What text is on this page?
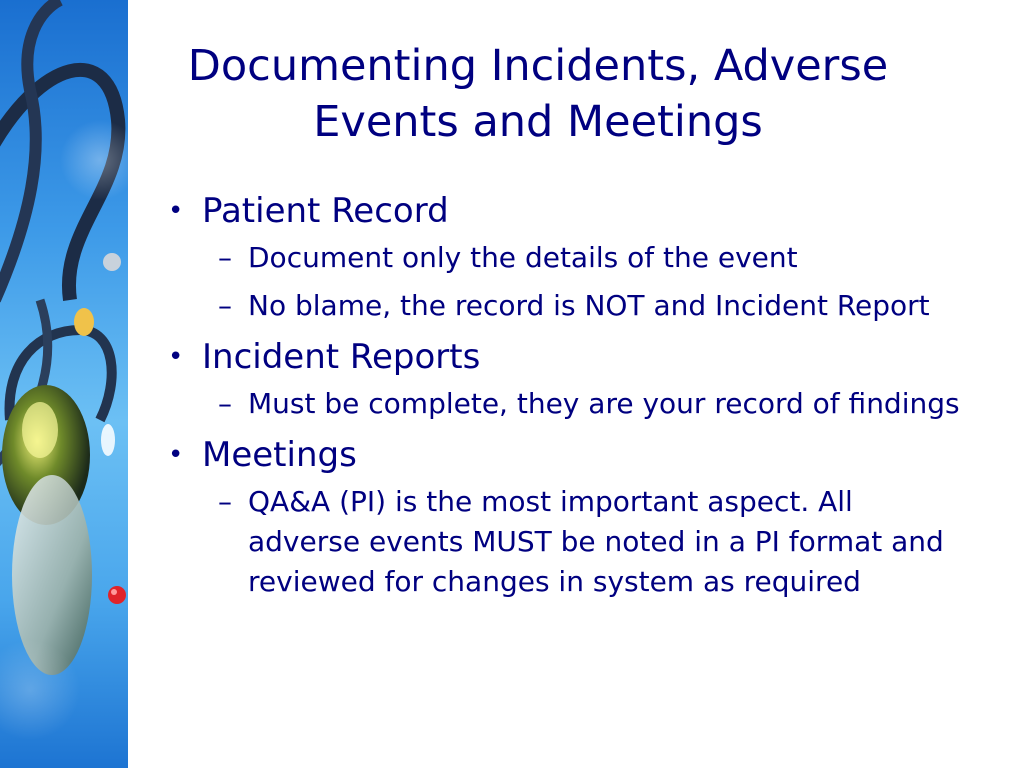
Documenting Incidents, Adverse Events and Meetings
• Patient Record
– Document only the details of the event
– No blame, the record is NOT and Incident Report
• Incident Reports
– Must be complete, they are your record of findings
• Meetings
– QA&A (PI) is the most important aspect. All adverse events MUST be noted in a PI format and reviewed for changes in system as required
